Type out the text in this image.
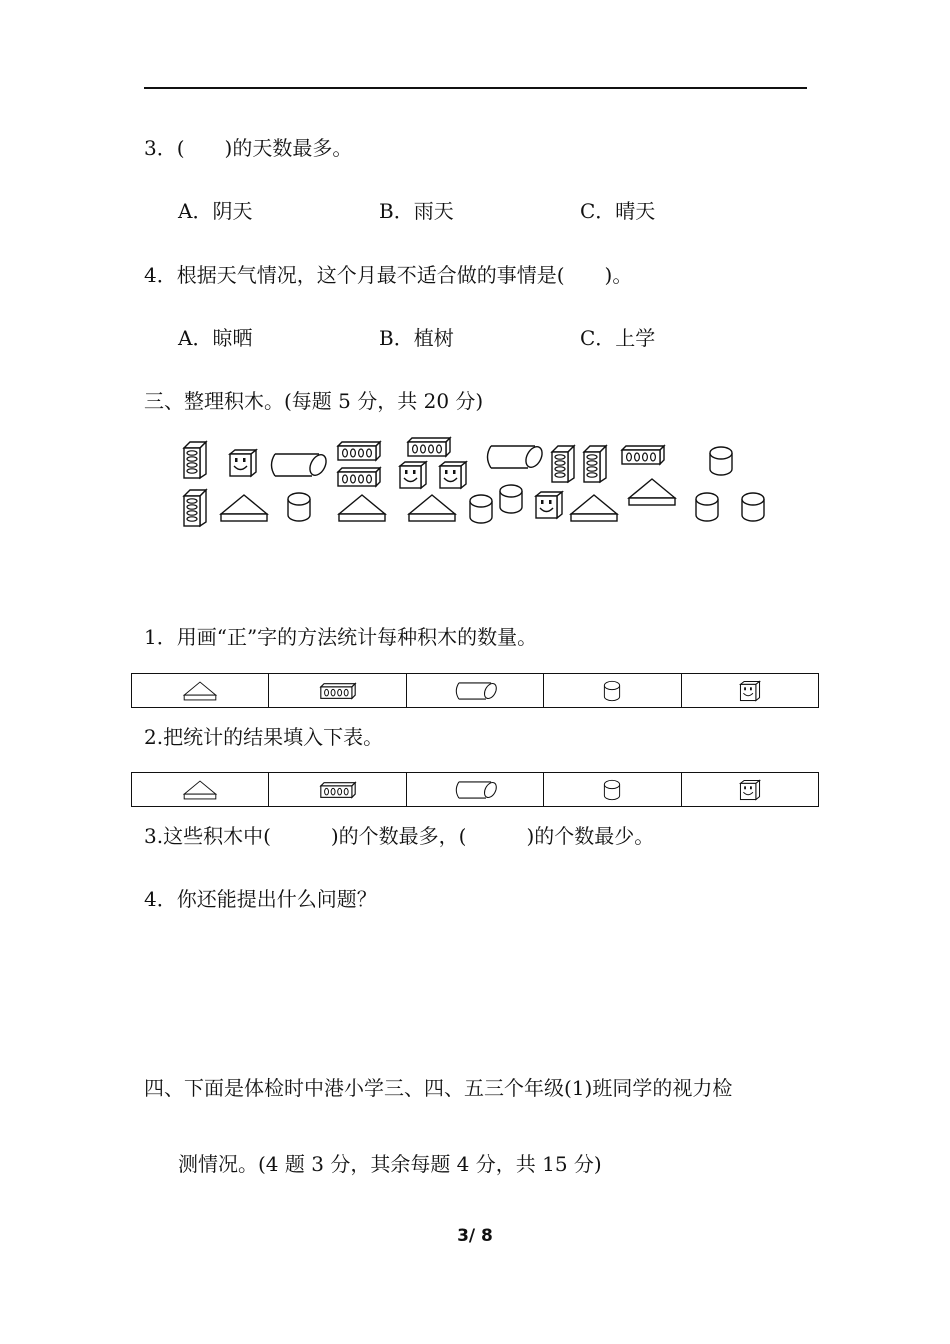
3．(　　)的天数最多。
A．阴天	B．雨天	C．晴天
4．根据天气情况，这个月最不适合做的事情是(　　)。
A．晾晒	B．植树	C．上学
三、整理积木。(每题 5 分，共 20 分)
1．用画“正”字的方法统计每种积木的数量。

2.把统计的结果填入下表。

3.这些积木中(　　　)的个数最多，(　　　)的个数最少。
4．你还能提出什么问题？
四、下面是体检时中港小学三、四、五三个年级(1)班同学的视力检
测情况。(4 题 3 分，其余每题 4 分，共 15 分)
3/ 8
